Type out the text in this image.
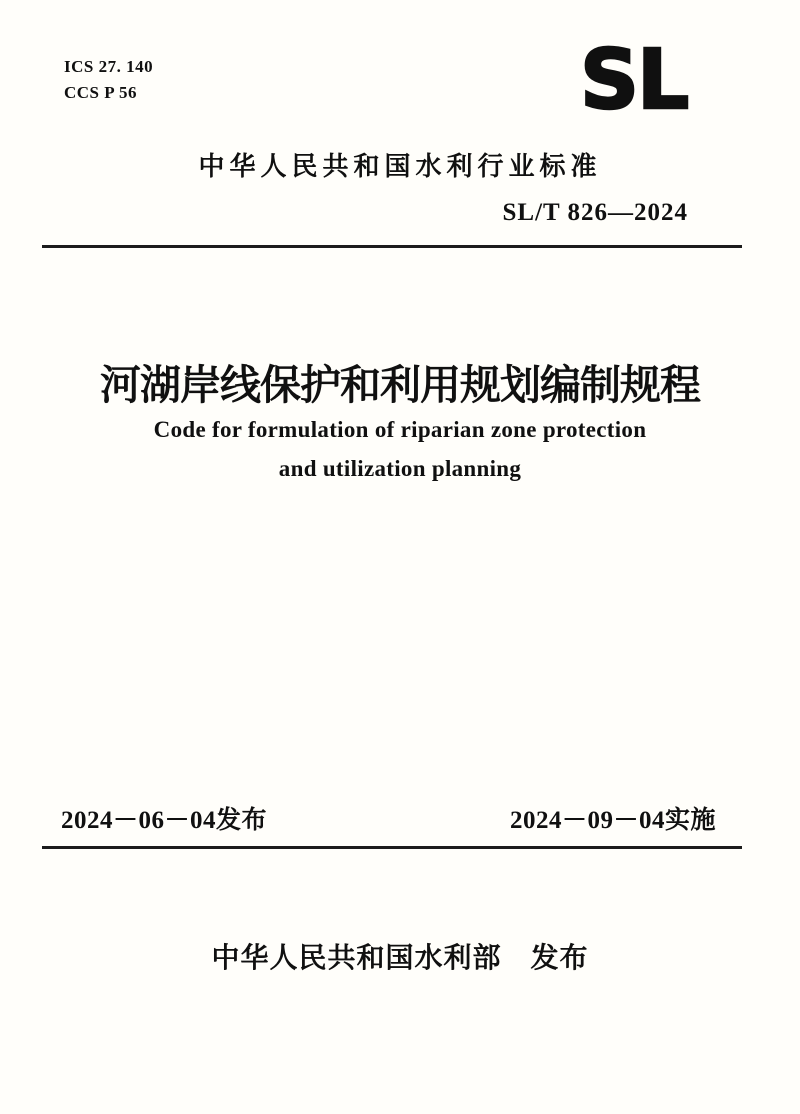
ICS 27. 140
CCS P 56	SL
中华人民共和国水利行业标准
SL/T 826—2024
河湖岸线保护和利用规划编制规程
Code for formulation of riparian zone protection
and utilization planning
2024－06－04发布	2024－09－04实施
中华人民共和国水利部　发布
